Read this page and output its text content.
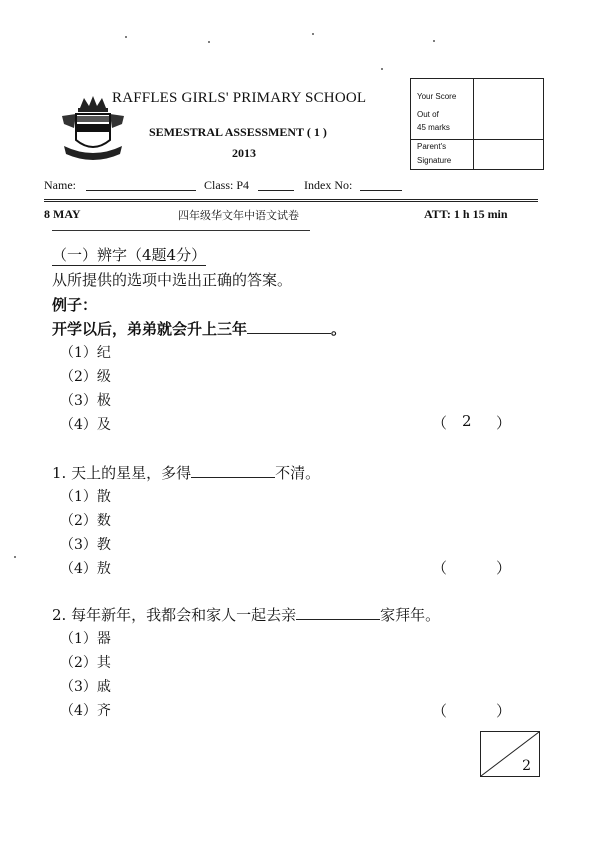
RAFFLES GIRLS' PRIMARY SCHOOL
SEMESTRAL ASSESSMENT ( 1 )
2013
Your Score
Out of
45 marks
Parent's
Signature
Name:	Class: P4	Index No:
8 MAY	四年级华文年中语文试卷	ATT: 1 h 15 min
（一）辨字（4题4分）
从所提供的选项中选出正确的答案。
例子：
开学以后，弟弟就会升上三年	。
（1）纪
（2）级
（3）极
（4）及	（ 2 ）
1. 天上的星星，多得	不清。
（1）散
（2）数
（3）教
（4）敖	（	）
2. 每年新年，我都会和家人一起去亲	家拜年。
（1）器
（2）其
（3）戚
（4）齐	（	）
2
